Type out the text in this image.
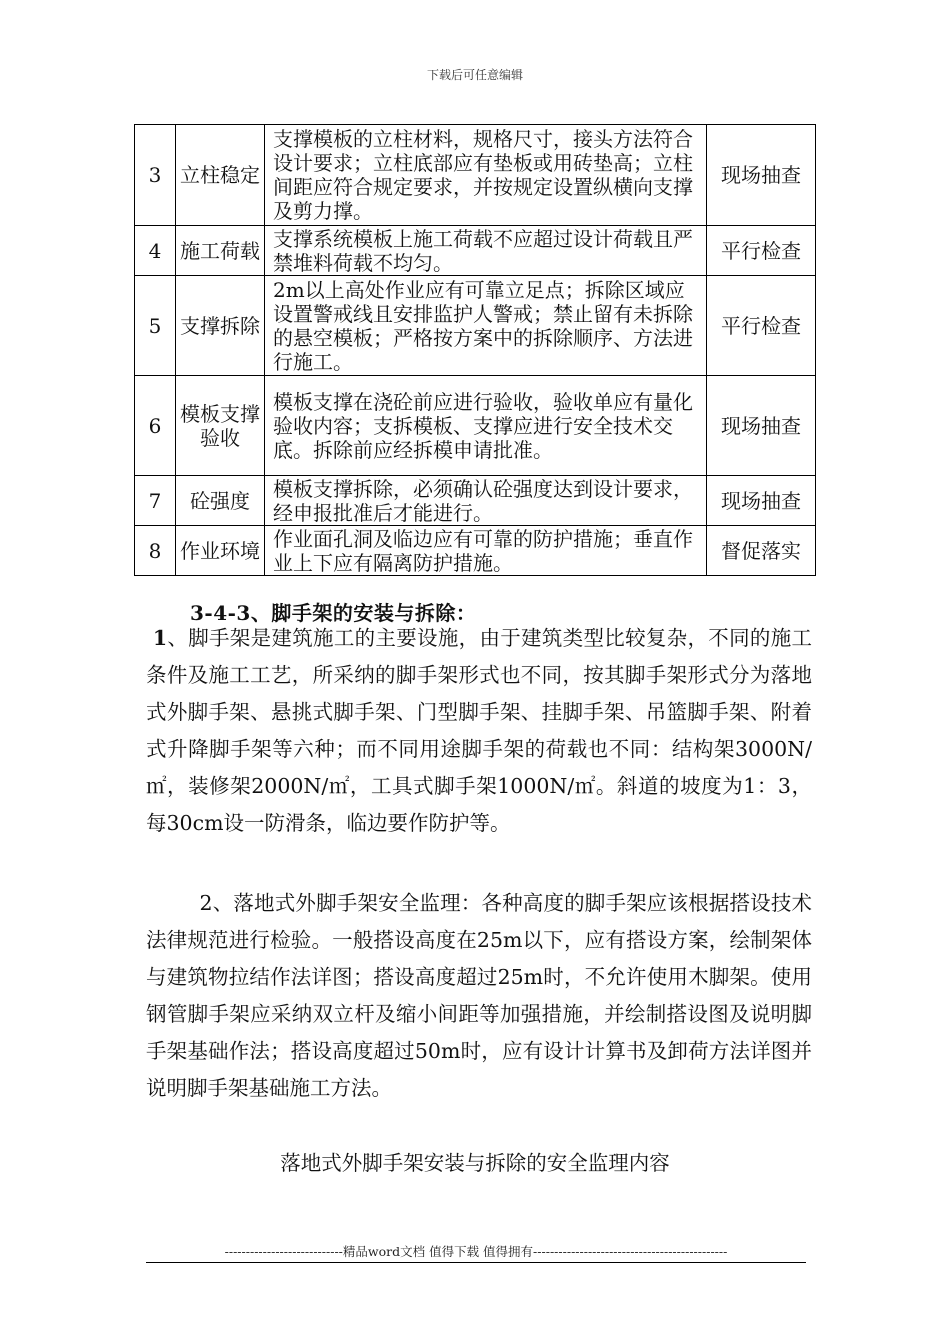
下载后可任意编辑
3	立柱稳定	支撑模板的立柱材料，规格尺寸，接头方法符合设计要求；立柱底部应有垫板或用砖垫高；立柱间距应符合规定要求，并按规定设置纵横向支撑及剪力撑。	现场抽查
4	施工荷载	支撑系统模板上施工荷载不应超过设计荷载且严禁堆料荷载不均匀。	平行检查
5	支撑拆除	2m以上高处作业应有可靠立足点；拆除区域应设置警戒线且安排监护人警戒；禁止留有未拆除的悬空模板；严格按方案中的拆除顺序、方法进行施工。	平行检查
6	模板支撑验收	模板支撑在浇砼前应进行验收，验收单应有量化验收内容；支拆模板、支撑应进行安全技术交底。拆除前应经拆模申请批准。	现场抽查
7	砼强度	模板支撑拆除，必须确认砼强度达到设计要求，经申报批准后才能进行。	现场抽查
8	作业环境	作业面孔洞及临边应有可靠的防护措施；垂直作业上下应有隔离防护措施。	督促落实
3-4-3、脚手架的安装与拆除：
1、脚手架是建筑施工的主要设施，由于建筑类型比较复杂，不同的施工条件及施工工艺，所采纳的脚手架形式也不同，按其脚手架形式分为落地式外脚手架、悬挑式脚手架、门型脚手架、挂脚手架、吊篮脚手架、附着式升降脚手架等六种；而不同用途脚手架的荷载也不同：结构架3000N/㎡，装修架2000N/㎡，工具式脚手架1000N/㎡。斜道的坡度为1：3，每30cm设一防滑条，临边要作防护等。
2、落地式外脚手架安全监理：各种高度的脚手架应该根据搭设技术法律规范进行检验。一般搭设高度在25m以下，应有搭设方案，绘制架体与建筑物拉结作法详图；搭设高度超过25m时，不允许使用木脚架。使用钢管脚手架应采纳双立杆及缩小间距等加强措施，并绘制搭设图及说明脚手架基础作法；搭设高度超过50m时，应有设计计算书及卸荷方法详图并说明脚手架基础施工方法。
落地式外脚手架安装与拆除的安全监理内容
----------------------------精品word文档 值得下载 值得拥有----------------------------------------------
